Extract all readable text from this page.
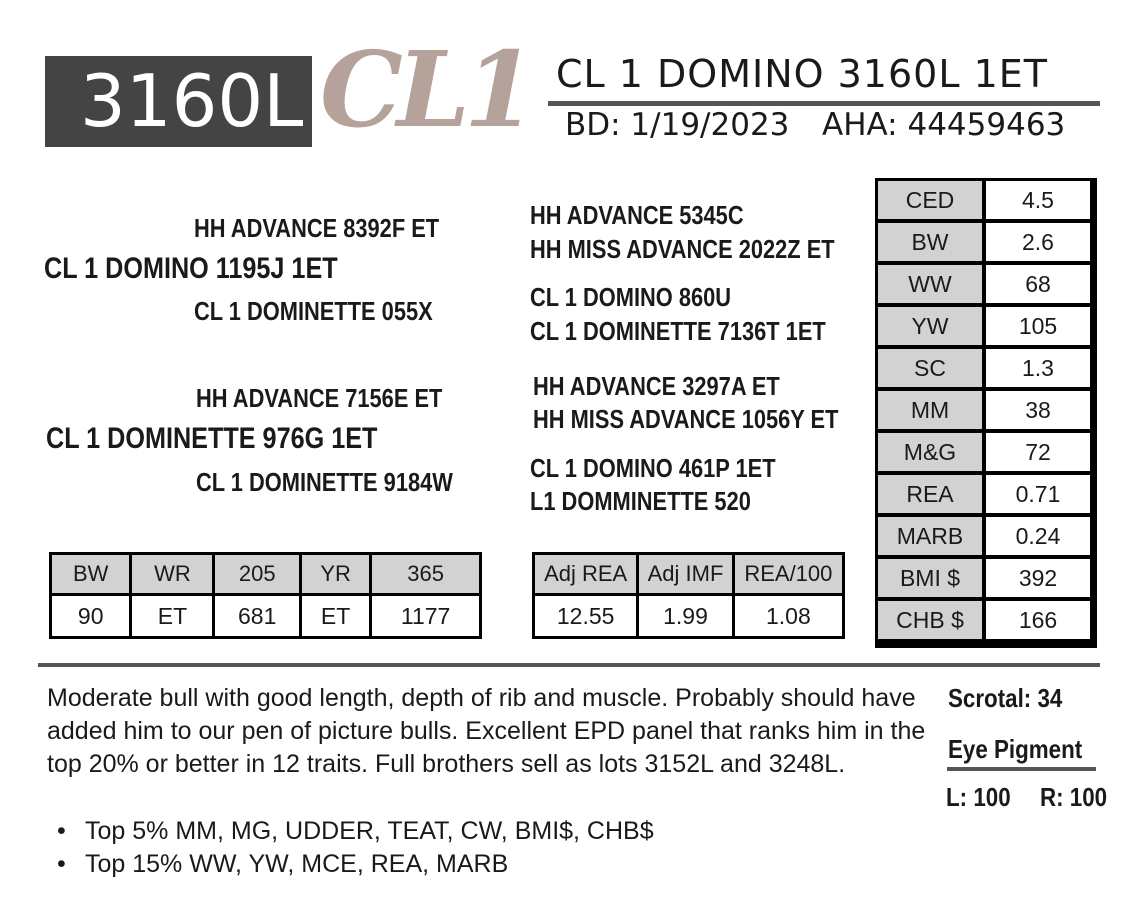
3160L CL1 CL 1 DOMINO 3160L 1ET
BD: 1/19/2023 AHA: 44459463
HH ADVANCE 8392F ET
CL 1 DOMINO 1195J 1ET
CL 1 DOMINETTE 055X
HH ADVANCE 7156E ET
CL 1 DOMINETTE 976G 1ET
CL 1 DOMINETTE 9184W
HH ADVANCE 5345C
HH MISS ADVANCE 2022Z ET
CL 1 DOMINO 860U
CL 1 DOMINETTE 7136T 1ET
HH ADVANCE 3297A ET
HH MISS ADVANCE 1056Y ET
CL 1 DOMINO 461P 1ET
L1 DOMMINETTE 520
BW	WR	205	YR	365
90	ET	681	ET	1177
Adj REA	Adj IMF	REA/100
12.55	1.99	1.08
CED	4.5
BW	2.6
WW	68
YW	105
SC	1.3
MM	38
M&G	72
REA	0.71
MARB	0.24
BMI $	392
CHB $	166
Moderate bull with good length, depth of rib and muscle. Probably should have added him to our pen of picture bulls. Excellent EPD panel that ranks him in the top 20% or better in 12 traits. Full brothers sell as lots 3152L and 3248L.
• Top 5% MM, MG, UDDER, TEAT, CW, BMI$, CHB$
• Top 15% WW, YW, MCE, REA, MARB
Scrotal: 34
Eye Pigment
L: 100 R: 100
